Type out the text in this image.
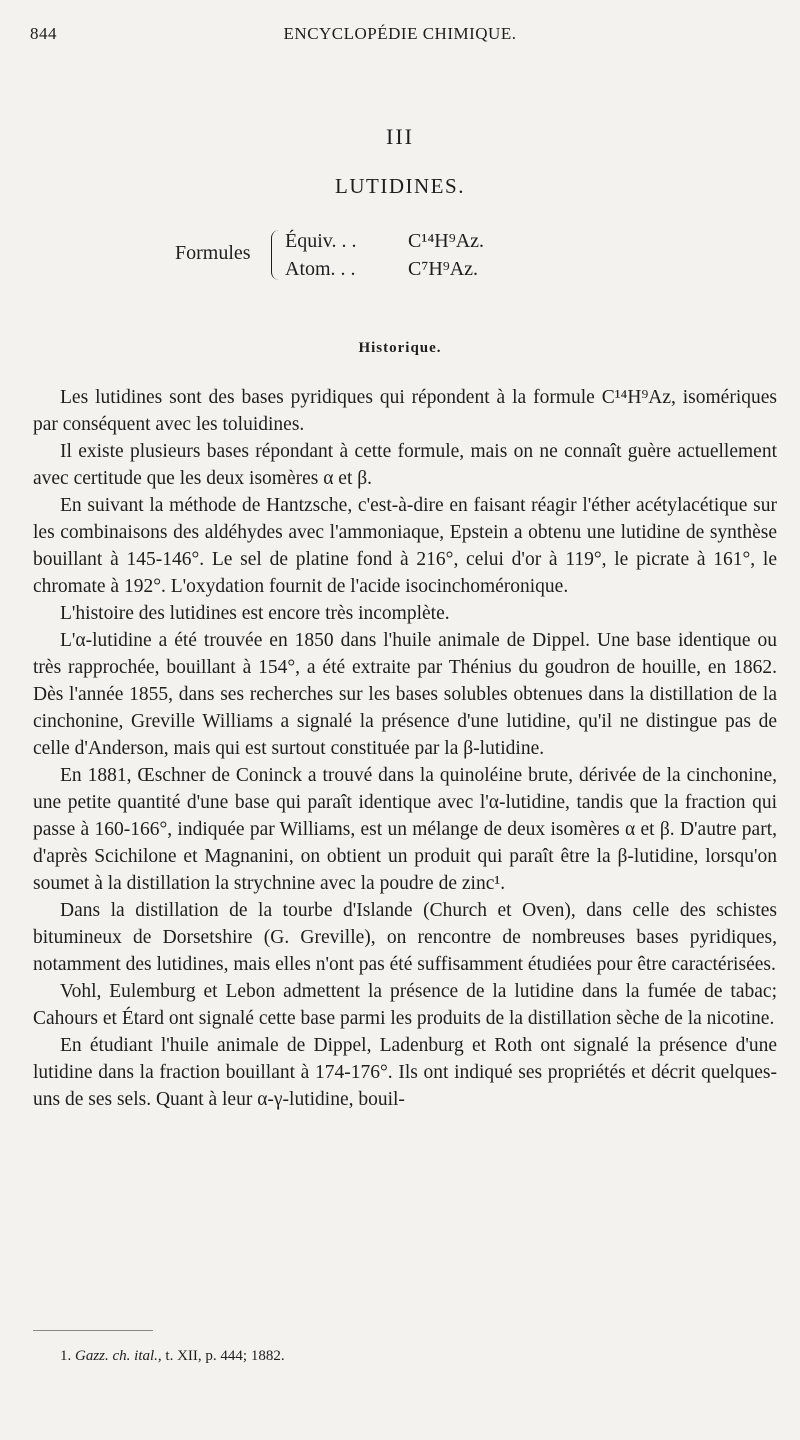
844	ENCYCLOPÉDIE CHIMIQUE.
III
LUTIDINES.
Formules
Équiv. . .	C¹⁴H⁹Az.
Atom. . .	C⁷H⁹Az.
Historique.

Les lutidines sont des bases pyridiques qui répondent à la formule C¹⁴H⁹Az, isomériques par conséquent avec les toluidines.

Il existe plusieurs bases répondant à cette formule, mais on ne connaît guère actuellement avec certitude que les deux isomères α et β.

En suivant la méthode de Hantzsche, c'est-à-dire en faisant réagir l'éther acétylacétique sur les combinaisons des aldéhydes avec l'ammoniaque, Epstein a obtenu une lutidine de synthèse bouillant à 145-146°. Le sel de platine fond à 216°, celui d'or à 119°, le picrate à 161°, le chromate à 192°. L'oxydation fournit de l'acide isocinchoméronique.

L'histoire des lutidines est encore très incomplète.

L'α-lutidine a été trouvée en 1850 dans l'huile animale de Dippel. Une base identique ou très rapprochée, bouillant à 154°, a été extraite par Thénius du goudron de houille, en 1862. Dès l'année 1855, dans ses recherches sur les bases solubles obtenues dans la distillation de la cinchonine, Greville Williams a signalé la présence d'une lutidine, qu'il ne distingue pas de celle d'Anderson, mais qui est surtout constituée par la β-lutidine.

En 1881, Œschner de Coninck a trouvé dans la quinoléine brute, dérivée de la cinchonine, une petite quantité d'une base qui paraît identique avec l'α-lutidine, tandis que la fraction qui passe à 160-166°, indiquée par Williams, est un mélange de deux isomères α et β. D'autre part, d'après Scichilone et Magnanini, on obtient un produit qui paraît être la β-lutidine, lorsqu'on soumet à la distillation la strychnine avec la poudre de zinc¹.

Dans la distillation de la tourbe d'Islande (Church et Oven), dans celle des schistes bitumineux de Dorsetshire (G. Greville), on rencontre de nombreuses bases pyridiques, notamment des lutidines, mais elles n'ont pas été suffisamment étudiées pour être caractérisées.

Vohl, Eulemburg et Lebon admettent la présence de la lutidine dans la fumée de tabac; Cahours et Étard ont signalé cette base parmi les produits de la distillation sèche de la nicotine.

En étudiant l'huile animale de Dippel, Ladenburg et Roth ont signalé la présence d'une lutidine dans la fraction bouillant à 174-176°. Ils ont indiqué ses propriétés et décrit quelques-uns de ses sels. Quant à leur α-γ-lutidine, bouil-

1. Gazz. ch. ital., t. XII, p. 444; 1882.
